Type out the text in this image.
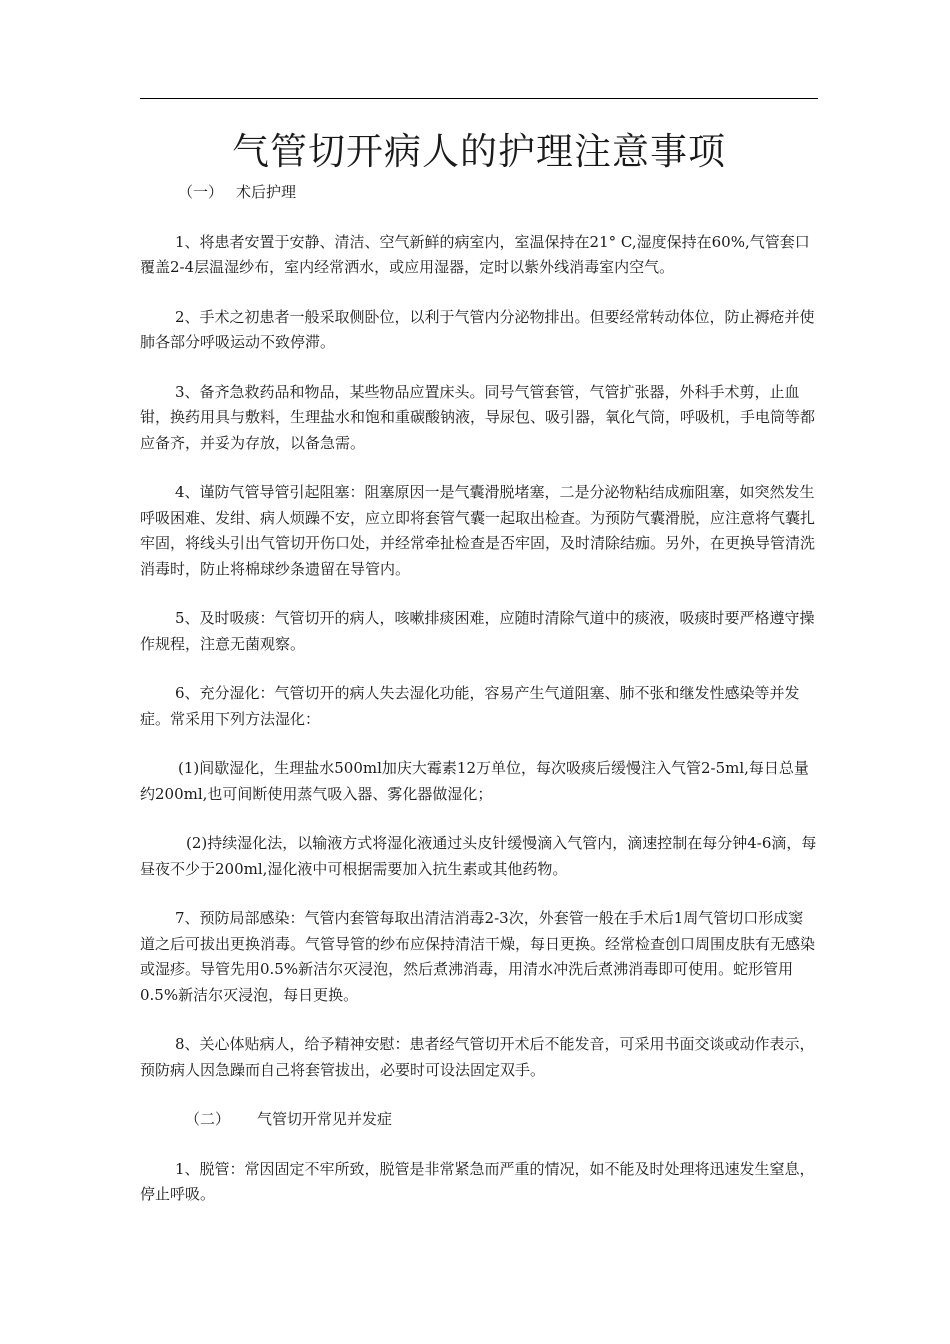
气管切开病人的护理注意事项

（一） 术后护理

1、将患者安置于安静、清洁、空气新鲜的病室内，室温保持在21° C,湿度保持在60%,气管套口覆盖2-4层温湿纱布，室内经常洒水，或应用湿器，定时以紫外线消毒室内空气。

2、手术之初患者一般采取侧卧位，以利于气管内分泌物排出。但要经常转动体位，防止褥疮并使肺各部分呼吸运动不致停滞。

3、备齐急救药品和物品，某些物品应置床头。同号气管套管，气管扩张器，外科手术剪，止血钳，换药用具与敷料，生理盐水和饱和重碳酸钠液，导尿包、吸引器，氧化气筒，呼吸机，手电筒等都应备齐，并妥为存放，以备急需。

4、谨防气管导管引起阻塞：阻塞原因一是气囊滑脱堵塞，二是分泌物粘结成痂阻塞，如突然发生呼吸困难、发绀、病人烦躁不安，应立即将套管气囊一起取出检查。为预防气囊滑脱，应注意将气囊扎牢固，将线头引出气管切开伤口处，并经常牵扯检查是否牢固，及时清除结痂。另外，在更换导管清洗消毒时，防止将棉球纱条遗留在导管内。

5、及时吸痰：气管切开的病人，咳嗽排痰困难，应随时清除气道中的痰液，吸痰时要严格遵守操作规程，注意无菌观察。

6、充分湿化：气管切开的病人失去湿化功能，容易产生气道阻塞、肺不张和继发性感染等并发症。常采用下列方法湿化：

(1)间歇湿化，生理盐水500ml加庆大霉素12万单位，每次吸痰后缓慢注入气管2-5ml,每日总量约200ml,也可间断使用蒸气吸入器、雾化器做湿化；

(2)持续湿化法，以输液方式将湿化液通过头皮针缓慢滴入气管内，滴速控制在每分钟4-6滴，每昼夜不少于200ml,湿化液中可根据需要加入抗生素或其他药物。

7、预防局部感染：气管内套管每取出清洁消毒2-3次，外套管一般在手术后1周气管切口形成窦道之后可拔出更换消毒。气管导管的纱布应保持清洁干燥，每日更换。经常检查创口周围皮肤有无感染或湿疹。导管先用0.5%新洁尔灭浸泡，然后煮沸消毒，用清水冲洗后煮沸消毒即可使用。蛇形管用0.5%新洁尔灭浸泡，每日更换。

8、关心体贴病人，给予精神安慰：患者经气管切开术后不能发音，可采用书面交谈或动作表示，预防病人因急躁而自己将套管拔出，必要时可设法固定双手。

（二） 气管切开常见并发症

1、脱管：常因固定不牢所致，脱管是非常紧急而严重的情况，如不能及时处理将迅速发生窒息，停止呼吸。
